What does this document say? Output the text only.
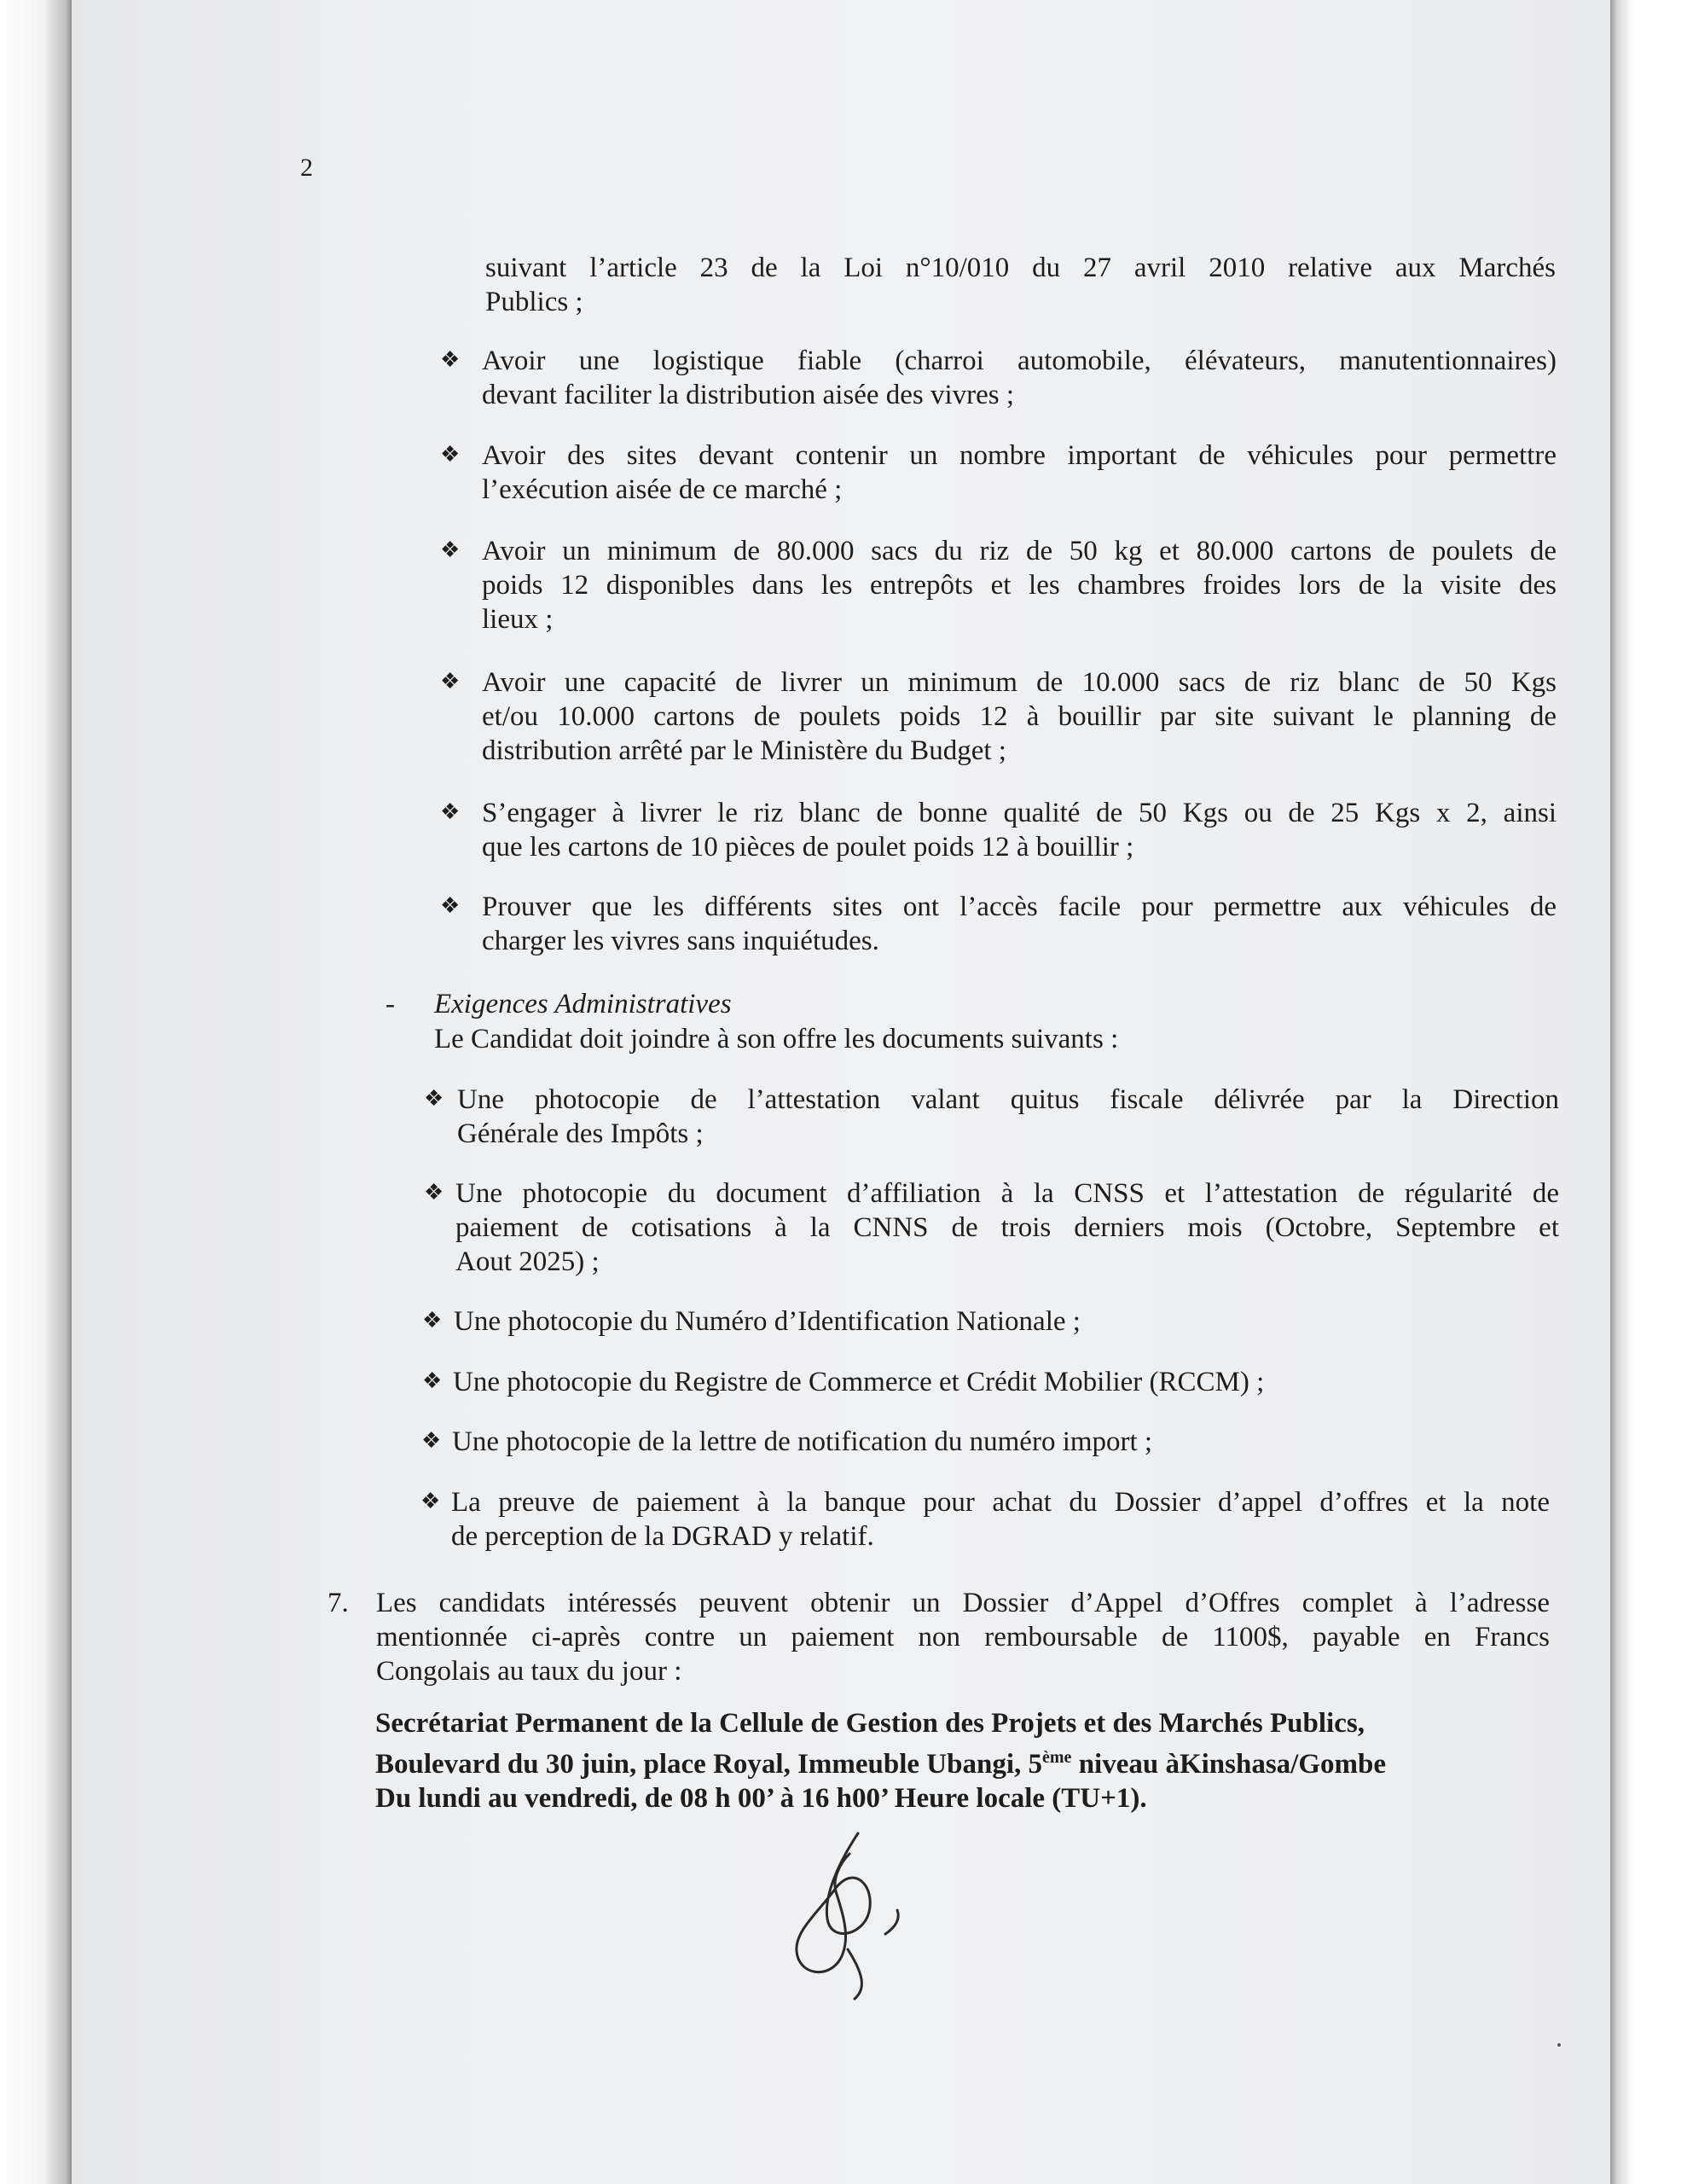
2
suivant l’article 23 de la Loi n°10/010 du 27 avril 2010 relative aux Marchés
Publics ;
❖ Avoir une logistique fiable (charroi automobile, élévateurs, manutentionnaires)
devant faciliter la distribution aisée des vivres ;
❖ Avoir des sites devant contenir un nombre important de véhicules pour permettre
l’exécution aisée de ce marché ;
❖ Avoir un minimum de 80.000 sacs du riz de 50 kg et 80.000 cartons de poulets de
poids 12 disponibles dans les entrepôts et les chambres froides lors de la visite des
lieux ;
❖ Avoir une capacité de livrer un minimum de 10.000 sacs de riz blanc de 50 Kgs
et/ou 10.000 cartons de poulets poids 12 à bouillir par site suivant le planning de
distribution arrêté par le Ministère du Budget ;
❖ S’engager à livrer le riz blanc de bonne qualité de 50 Kgs ou de 25 Kgs x 2, ainsi
que les cartons de 10 pièces de poulet poids 12 à bouillir ;
❖ Prouver que les différents sites ont l’accès facile pour permettre aux véhicules de
charger les vivres sans inquiétudes.
- Exigences Administratives
Le Candidat doit joindre à son offre les documents suivants :
❖ Une photocopie de l’attestation valant quitus fiscale délivrée par la Direction
Générale des Impôts ;
❖ Une photocopie du document d’affiliation à la CNSS et l’attestation de régularité de
paiement de cotisations à la CNNS de trois derniers mois (Octobre, Septembre et
Aout 2025) ;
❖ Une photocopie du Numéro d’Identification Nationale ;
❖ Une photocopie du Registre de Commerce et Crédit Mobilier (RCCM) ;
❖ Une photocopie de la lettre de notification du numéro import ;
❖ La preuve de paiement à la banque pour achat du Dossier d’appel d’offres et la note
de perception de la DGRAD y relatif.
7. Les candidats intéressés peuvent obtenir un Dossier d’Appel d’Offres complet à l’adresse
mentionnée ci-après contre un paiement non remboursable de 1100$, payable en Francs
Congolais au taux du jour :
Secrétariat Permanent de la Cellule de Gestion des Projets et des Marchés Publics,
Boulevard du 30 juin, place Royal, Immeuble Ubangi, 5ème niveau àKinshasa/Gombe
Du lundi au vendredi, de 08 h 00’ à 16 h00’ Heure locale (TU+1).
